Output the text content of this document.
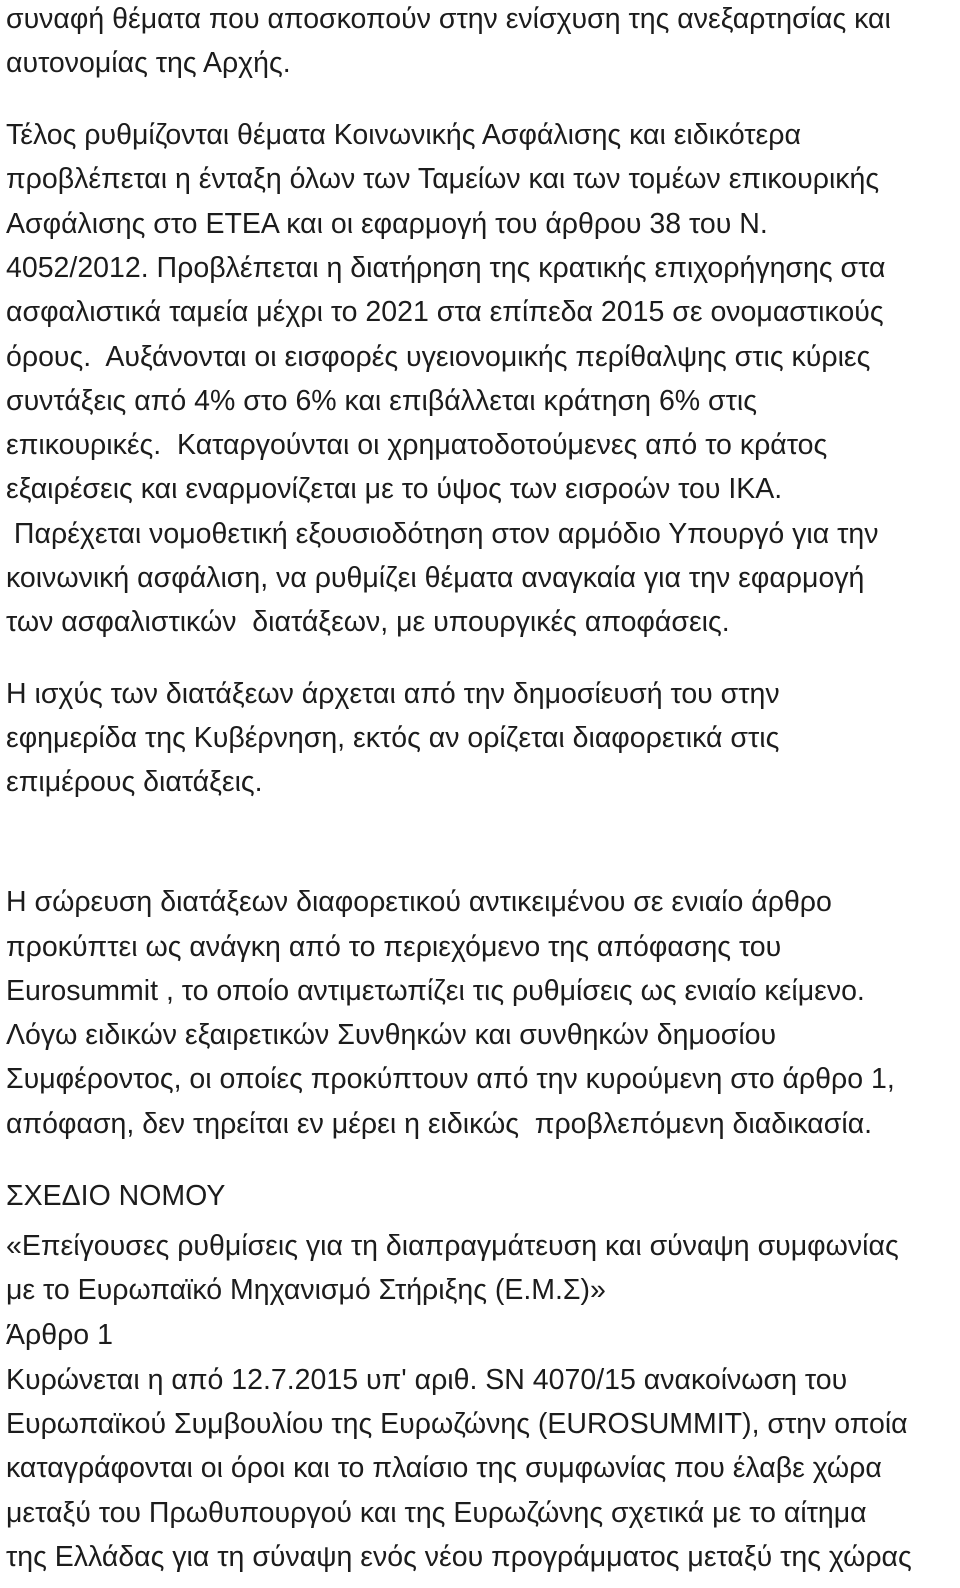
συναφή θέματα που αποσκοπούν στην ενίσχυση της ανεξαρτησίας και
αυτονομίας της Αρχής.
Τέλος ρυθμίζονται θέματα Κοινωνικής Ασφάλισης και ειδικότερα
προβλέπεται η ένταξη όλων των Ταμείων και των τομέων επικουρικής
Ασφάλισης στο ΕΤΕΑ και οι εφαρμογή του άρθρου 38 του Ν.
4052/2012. Προβλέπεται η διατήρηση της κρατικής επιχορήγησης στα
ασφαλιστικά ταμεία μέχρι το 2021 στα επίπεδα 2015 σε ονομαστικούς
όρους.  Αυξάνονται οι εισφορές υγειονομικής περίθαλψης στις κύριες
συντάξεις από 4% στο 6% και επιβάλλεται κράτηση 6% στις
επικουρικές.  Καταργούνται οι χρηματοδοτούμενες από το κράτος
εξαιρέσεις και εναρμονίζεται με το ύψος των εισροών του ΙΚΑ.
Παρέχεται νομοθετική εξουσιοδότηση στον αρμόδιο Υπουργό για την
κοινωνική ασφάλιση, να ρυθμίζει θέματα αναγκαία για την εφαρμογή
των ασφαλιστικών  διατάξεων, με υπουργικές αποφάσεις.
Η ισχύς των διατάξεων άρχεται από την δημοσίευσή του στην
εφημερίδα της Κυβέρνηση, εκτός αν ορίζεται διαφορετικά στις
επιμέρους διατάξεις.
Η σώρευση διατάξεων διαφορετικού αντικειμένου σε ενιαίο άρθρο
προκύπτει ως ανάγκη από το περιεχόμενο της απόφασης του
Eurosummit , το οποίο αντιμετωπίζει τις ρυθμίσεις ως ενιαίο κείμενο.
Λόγω ειδικών εξαιρετικών Συνθηκών και συνθηκών δημοσίου
Συμφέροντος, οι οποίες προκύπτουν από την κυρούμενη στο άρθρο 1,
απόφαση, δεν τηρείται εν μέρει η ειδικώς  προβλεπόμενη διαδικασία.
ΣΧΕΔΙΟ ΝΟΜΟΥ
«Επείγουσες ρυθμίσεις για τη διαπραγμάτευση και σύναψη συμφωνίας
με το Ευρωπαϊκό Μηχανισμό Στήριξης (Ε.Μ.Σ)»
Άρθρο 1
Κυρώνεται η από 12.7.2015 υπ' αριθ. SN 4070/15 ανακοίνωση του
Ευρωπαϊκού Συμβουλίου της Ευρωζώνης (EUROSUMMIT), στην οποία
καταγράφονται οι όροι και το πλαίσιο της συμφωνίας που έλαβε χώρα
μεταξύ του Πρωθυπουργού και της Ευρωζώνης σχετικά με το αίτημα
της Ελλάδας για τη σύναψη ενός νέου προγράμματος μεταξύ της χώρας
